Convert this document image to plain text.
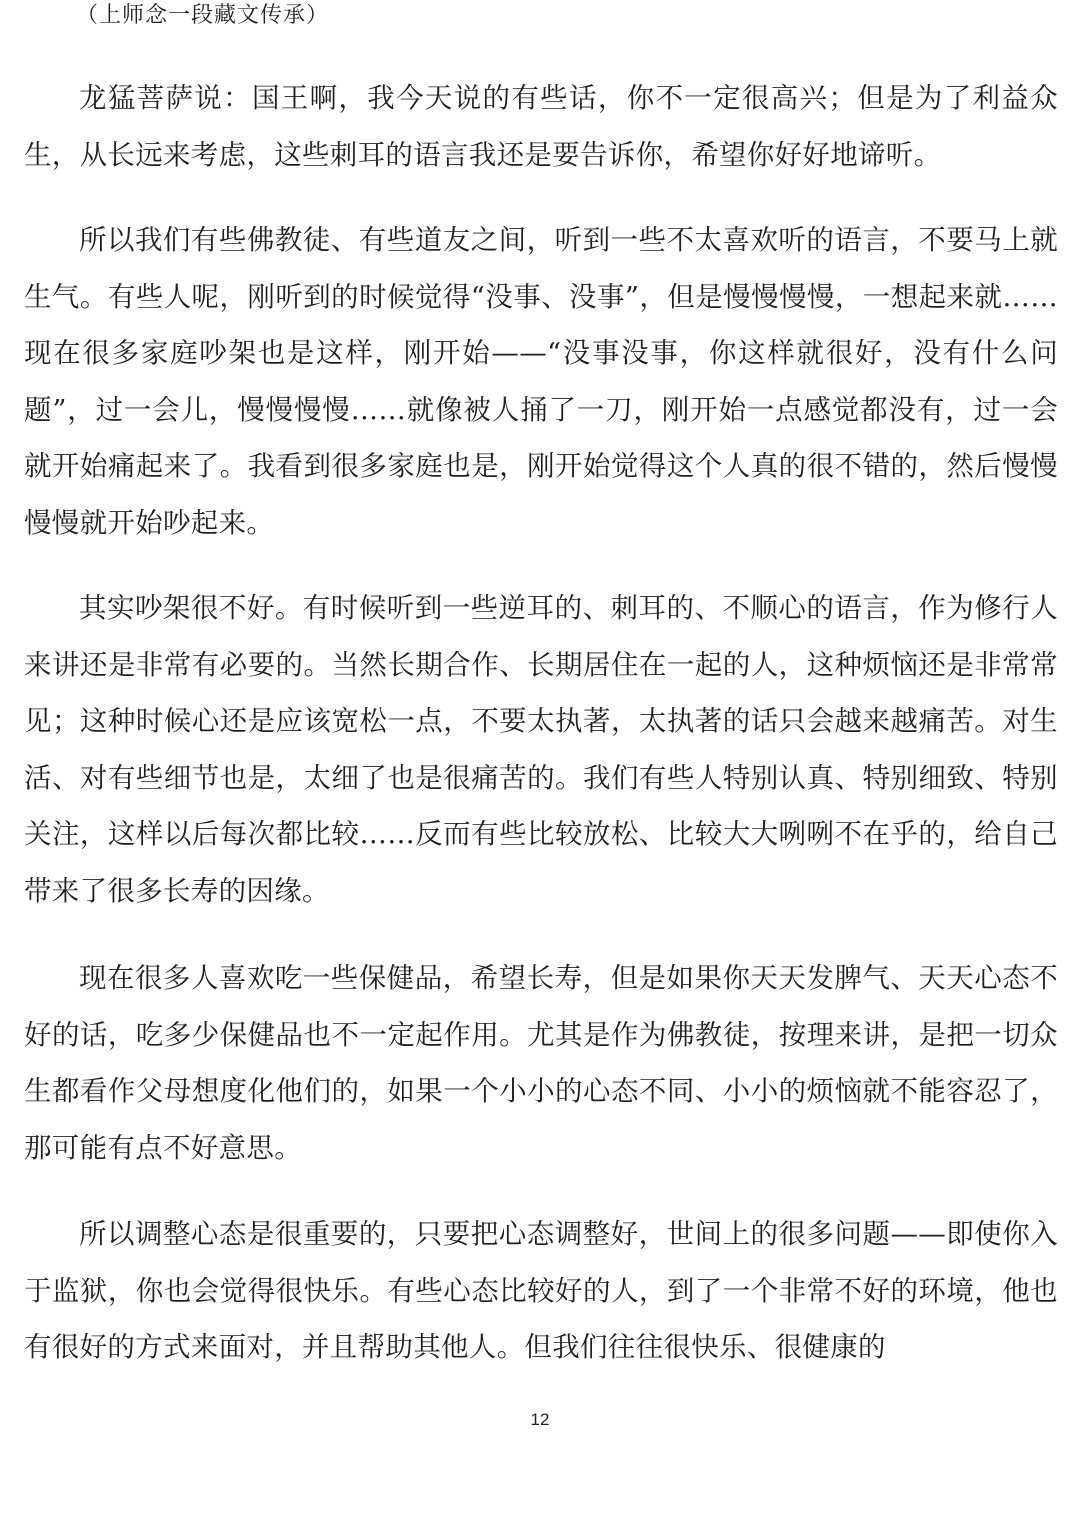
（上师念一段藏文传承）

龙猛菩萨说：国王啊，我今天说的有些话，你不一定很高兴；但是为了利益众生，从长远来考虑，这些刺耳的语言我还是要告诉你，希望你好好地谛听。

所以我们有些佛教徒、有些道友之间，听到一些不太喜欢听的语言，不要马上就生气。有些人呢，刚听到的时候觉得“没事、没事”，但是慢慢慢慢，一想起来就……现在很多家庭吵架也是这样，刚开始——“没事没事，你这样就很好，没有什么问题”，过一会儿，慢慢慢慢……就像被人捅了一刀，刚开始一点感觉都没有，过一会就开始痛起来了。我看到很多家庭也是，刚开始觉得这个人真的很不错的，然后慢慢慢慢就开始吵起来。

其实吵架很不好。有时候听到一些逆耳的、刺耳的、不顺心的语言，作为修行人来讲还是非常有必要的。当然长期合作、长期居住在一起的人，这种烦恼还是非常常见；这种时候心还是应该宽松一点，不要太执著，太执著的话只会越来越痛苦。对生活、对有些细节也是，太细了也是很痛苦的。我们有些人特别认真、特别细致、特别关注，这样以后每次都比较……反而有些比较放松、比较大大咧咧不在乎的，给自己带来了很多长寿的因缘。

现在很多人喜欢吃一些保健品，希望长寿，但是如果你天天发脾气、天天心态不好的话，吃多少保健品也不一定起作用。尤其是作为佛教徒，按理来讲，是把一切众生都看作父母想度化他们的，如果一个小小的心态不同、小小的烦恼就不能容忍了，那可能有点不好意思。

所以调整心态是很重要的，只要把心态调整好，世间上的很多问题——即使你入于监狱，你也会觉得很快乐。有些心态比较好的人，到了一个非常不好的环境，他也有很好的方式来面对，并且帮助其他人。但我们往往很快乐、很健康的

12
